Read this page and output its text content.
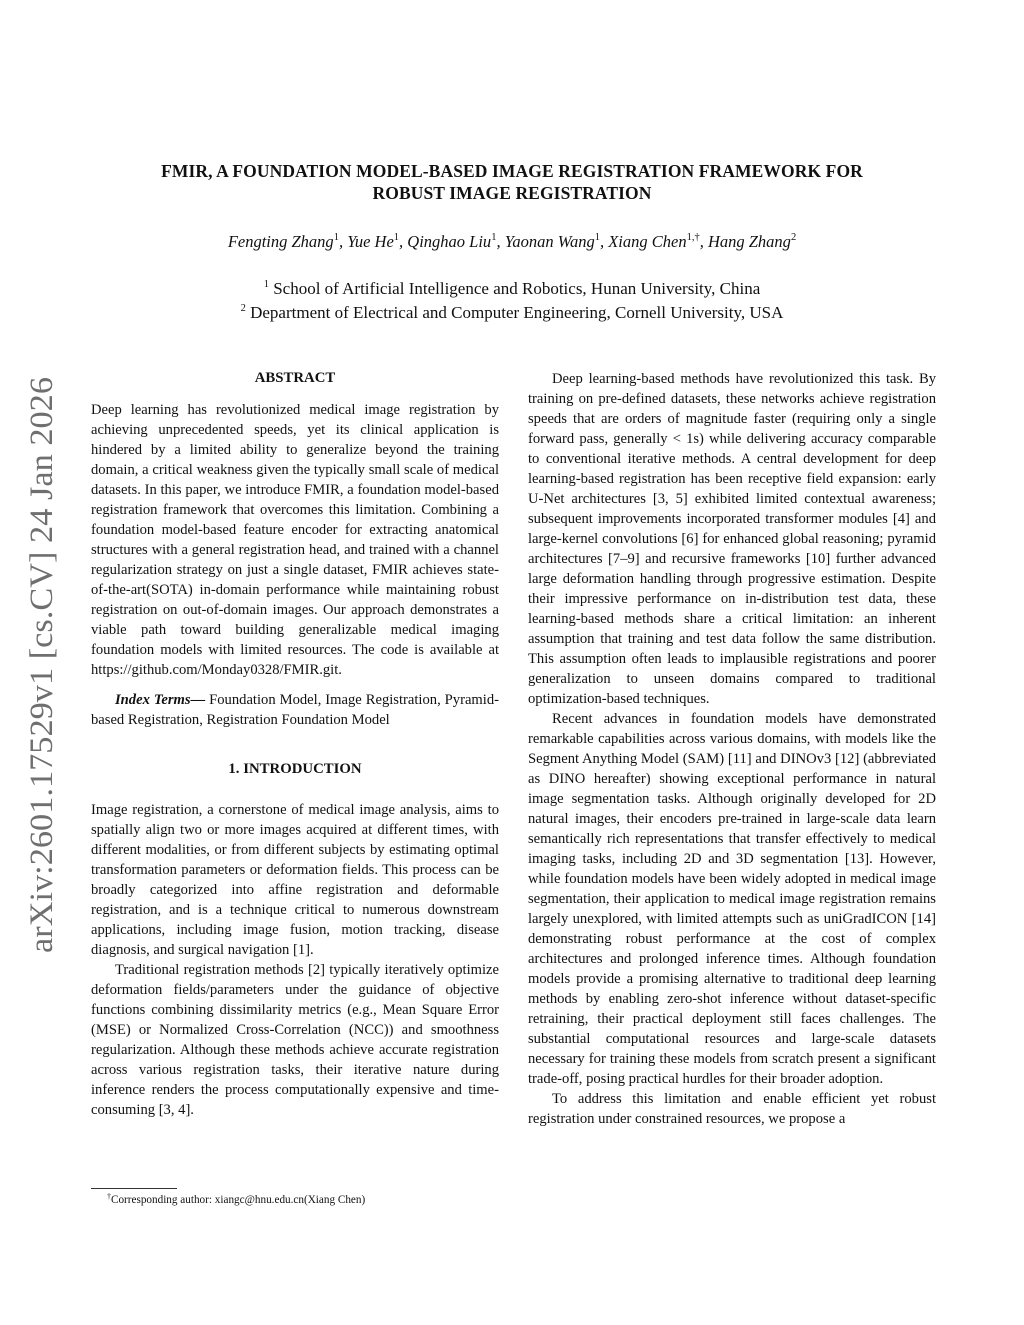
arXiv:2601.17529v1 [cs.CV] 24 Jan 2026
FMIR, A FOUNDATION MODEL-BASED IMAGE REGISTRATION FRAMEWORK FOR
ROBUST IMAGE REGISTRATION
Fengting Zhang$^1$, Yue He$^1$, Qinghao Liu$^1$, Yaonan Wang$^1$, Xiang Chen$^{1,\dagger}$, Hang Zhang$^2$
$^1$ School of Artificial Intelligence and Robotics, Hunan University, China
$^2$ Department of Electrical and Computer Engineering, Cornell University, USA
ABSTRACT

Deep learning has revolutionized medical image registration by achieving unprecedented speeds, yet its clinical application is hindered by a limited ability to generalize beyond the training domain, a critical weakness given the typically small scale of medical datasets. In this paper, we introduce FMIR, a foundation model-based registration framework that overcomes this limitation. Combining a foundation model-based feature encoder for extracting anatomical structures with a general registration head, and trained with a channel regularization strategy on just a single dataset, FMIR achieves state-of-the-art(SOTA) in-domain performance while maintaining robust registration on out-of-domain images. Our approach demonstrates a viable path toward building generalizable medical imaging foundation models with limited resources. The code is available at https://github.com/Monday0328/FMIR.git.

Index Terms— Foundation Model, Image Registration, Pyramid-based Registration, Registration Foundation Model

1. INTRODUCTION

Image registration, a cornerstone of medical image analysis, aims to spatially align two or more images acquired at different times, with different modalities, or from different subjects by estimating optimal transformation parameters or deformation fields. This process can be broadly categorized into affine registration and deformable registration, and is a technique critical to numerous downstream applications, including image fusion, motion tracking, disease diagnosis, and surgical navigation [1].

Traditional registration methods [2] typically iteratively optimize deformation fields/parameters under the guidance of objective functions combining dissimilarity metrics (e.g., Mean Square Error (MSE) or Normalized Cross-Correlation (NCC)) and smoothness regularization. Although these methods achieve accurate registration across various registration tasks, their iterative nature during inference renders the process computationally expensive and time-consuming [3, 4].

Deep learning-based methods have revolutionized this task. By training on pre-defined datasets, these networks achieve registration speeds that are orders of magnitude faster (requiring only a single forward pass, generally < 1s) while delivering accuracy comparable to conventional iterative methods. A central development for deep learning-based registration has been receptive field expansion: early U-Net architectures [3, 5] exhibited limited contextual awareness; subsequent improvements incorporated transformer modules [4] and large-kernel convolutions [6] for enhanced global reasoning; pyramid architectures [7–9] and recursive frameworks [10] further advanced large deformation handling through progressive estimation. Despite their impressive performance on in-distribution test data, these learning-based methods share a critical limitation: an inherent assumption that training and test data follow the same distribution. This assumption often leads to implausible registrations and poorer generalization to unseen domains compared to traditional optimization-based techniques.

Recent advances in foundation models have demonstrated remarkable capabilities across various domains, with models like the Segment Anything Model (SAM) [11] and DINOv3 [12] (abbreviated as DINO hereafter) showing exceptional performance in natural image segmentation tasks. Although originally developed for 2D natural images, their encoders pre-trained in large-scale data learn semantically rich representations that transfer effectively to medical imaging tasks, including 2D and 3D segmentation [13]. However, while foundation models have been widely adopted in medical image segmentation, their application to medical image registration remains largely unexplored, with limited attempts such as uniGradICON [14] demonstrating robust performance at the cost of complex architectures and prolonged inference times. Although foundation models provide a promising alternative to traditional deep learning methods by enabling zero-shot inference without dataset-specific retraining, their practical deployment still faces challenges. The substantial computational resources and large-scale datasets necessary for training these models from scratch present a significant trade-off, posing practical hurdles for their broader adoption.

To address this limitation and enable efficient yet robust registration under constrained resources, we propose a

†Corresponding author: xiangc@hnu.edu.cn(Xiang Chen)
